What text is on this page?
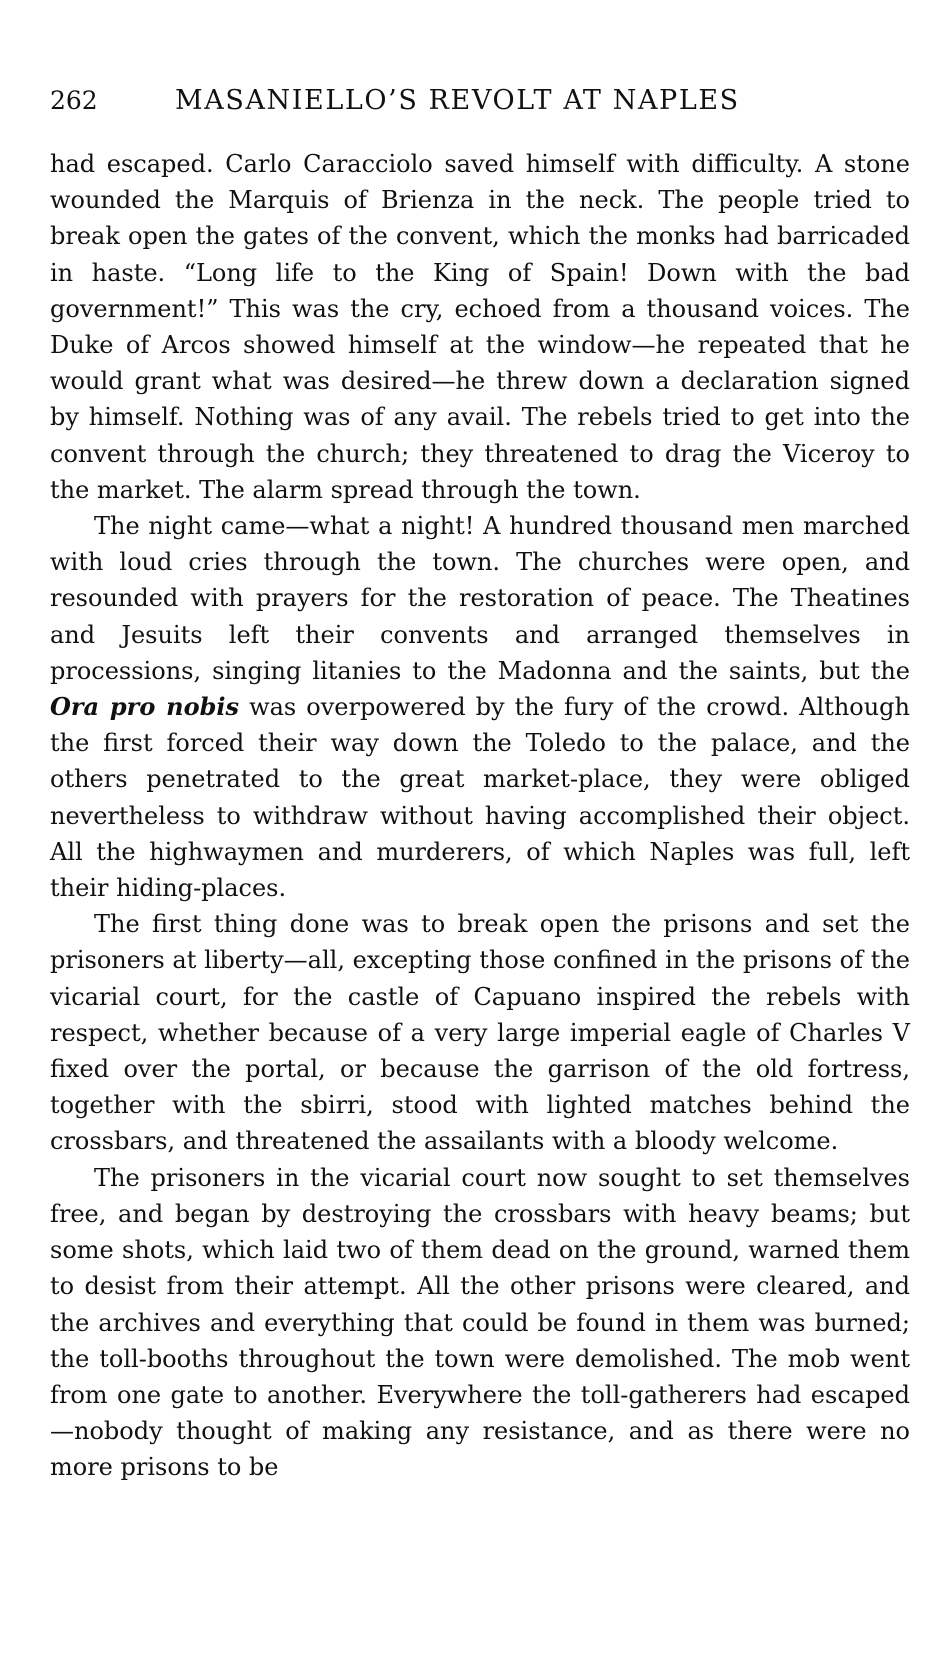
262	MASANIELLO’S REVOLT AT NAPLES

had escaped. Carlo Caracciolo saved himself with difficulty. A stone wounded the Marquis of Brienza in the neck. The people tried to break open the gates of the convent, which the monks had barricaded in haste. “Long life to the King of Spain! Down with the bad government!” This was the cry, echoed from a thousand voices. The Duke of Arcos showed himself at the window—he repeated that he would grant what was desired—he threw down a declaration signed by himself. Nothing was of any avail. The rebels tried to get into the convent through the church; they threatened to drag the Viceroy to the market. The alarm spread through the town.

The night came—what a night! A hundred thousand men marched with loud cries through the town. The churches were open, and resounded with prayers for the restoration of peace. The Theatines and Jesuits left their convents and arranged themselves in processions, singing litanies to the Madonna and the saints, but the Ora pro nobis was overpowered by the fury of the crowd. Although the first forced their way down the Toledo to the palace, and the others penetrated to the great market-place, they were obliged nevertheless to withdraw without having accomplished their object. All the highwaymen and murderers, of which Naples was full, left their hiding-places.

The first thing done was to break open the prisons and set the prisoners at liberty—all, excepting those confined in the prisons of the vicarial court, for the castle of Capuano inspired the rebels with respect, whether because of a very large imperial eagle of Charles V fixed over the portal, or because the garrison of the old fortress, together with the sbirri, stood with lighted matches behind the crossbars, and threatened the assailants with a bloody welcome.

The prisoners in the vicarial court now sought to set themselves free, and began by destroying the crossbars with heavy beams; but some shots, which laid two of them dead on the ground, warned them to desist from their attempt. All the other prisons were cleared, and the archives and everything that could be found in them was burned; the toll-booths throughout the town were demolished. The mob went from one gate to another. Everywhere the toll-gatherers had escaped—nobody thought of making any resistance, and as there were no more prisons to be
